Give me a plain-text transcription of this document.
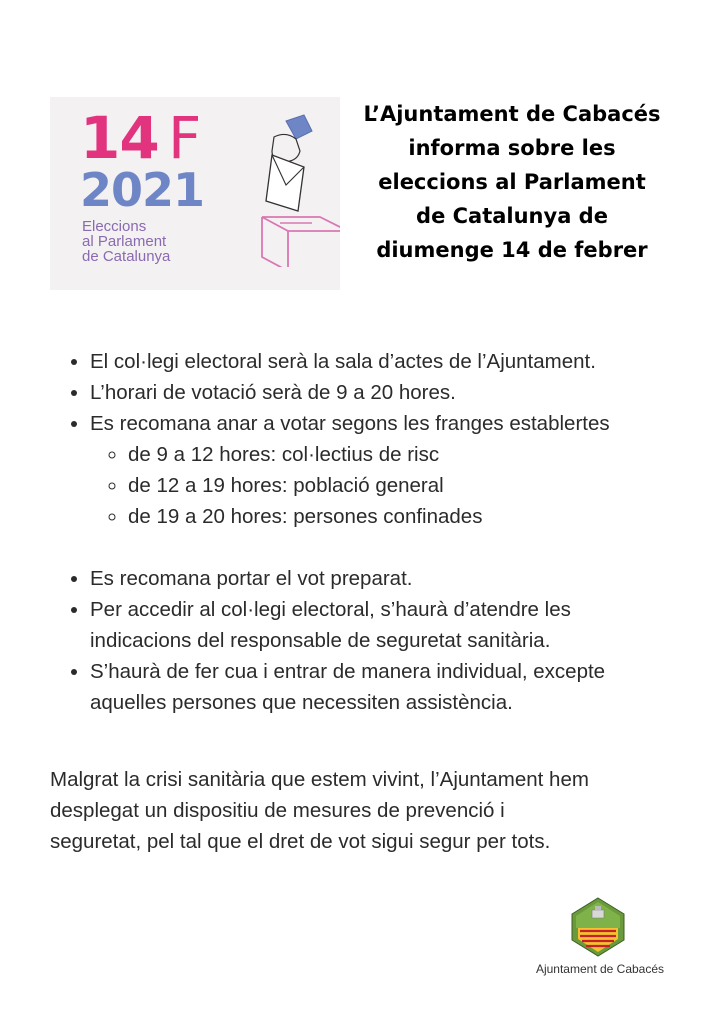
14 F
2021
Eleccions
al Parlament
de Catalunya
L’Ajuntament de Cabacés
informa sobre les
eleccions al Parlament
de Catalunya de
diumenge 14 de febrer
• El col·legi electoral serà la sala d’actes de l’Ajuntament.
• L’horari de votació serà de 9 a 20 hores.
• Es recomana anar a votar segons les franges establertes
◦ de 9 a 12 hores: col·lectius de risc
◦ de 12 a 19 hores: població general
◦ de 19 a 20 hores: persones confinades
• Es recomana portar el vot preparat.
• Per accedir al col·legi electoral, s’haurà d’atendre les
indicacions del responsable de seguretat sanitària.
• S’haurà de fer cua i entrar de manera individual, excepte
aquelles persones que necessiten assistència.
Malgrat la crisi sanitària que estem vivint, l’Ajuntament hem
desplegat un dispositiu de mesures de prevenció i
seguretat, pel tal que el dret de vot sigui segur per tots.
Ajuntament de Cabacés
